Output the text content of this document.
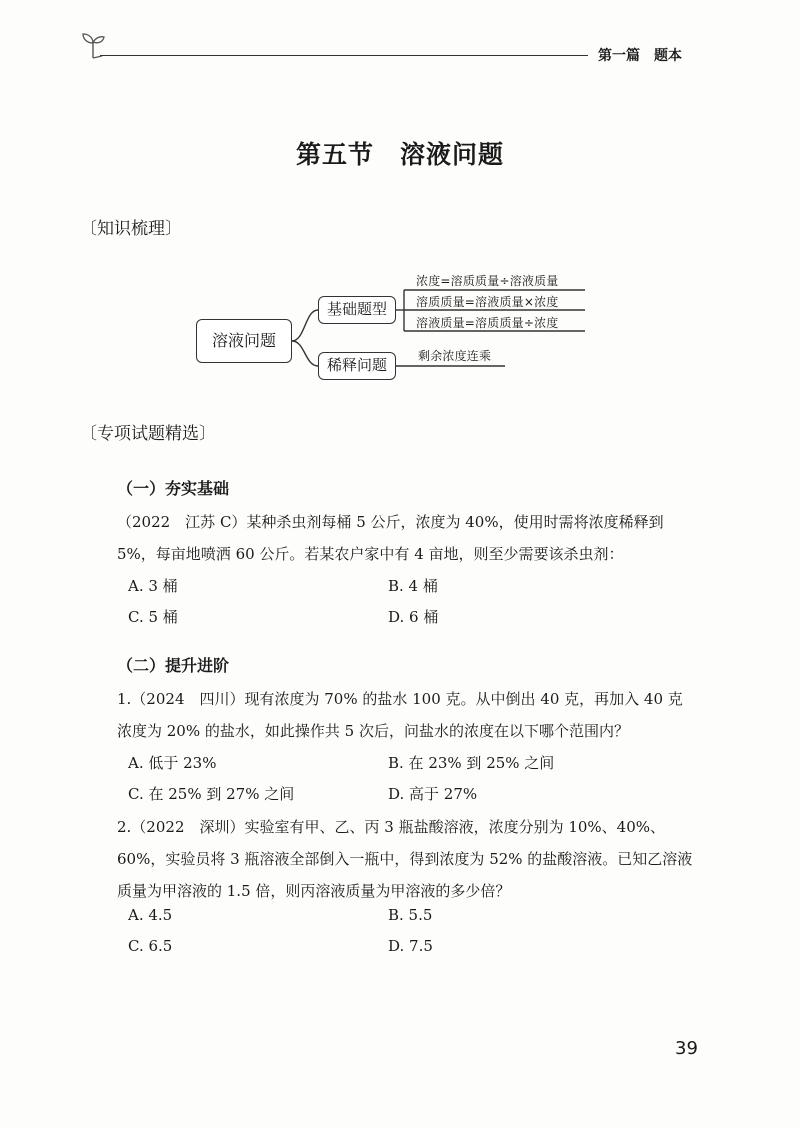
第一篇　题本
第五节　溶液问题
〔知识梳理〕
溶液问题
基础题型
稀释问题
浓度=溶质质量÷溶液质量
溶质质量=溶液质量×浓度
溶液质量=溶质质量÷浓度
剩余浓度连乘
〔专项试题精选〕
（一）夯实基础
（2022　江苏 C）某种杀虫剂每桶 5 公斤，浓度为 40%，使用时需将浓度稀释到 5%，每亩地喷洒 60 公斤。若某农户家中有 4 亩地，则至少需要该杀虫剂：
A. 3 桶	B. 4 桶
C. 5 桶	D. 6 桶
（二）提升进阶
1.（2024　四川）现有浓度为 70% 的盐水 100 克。从中倒出 40 克，再加入 40 克浓度为 20% 的盐水，如此操作共 5 次后，问盐水的浓度在以下哪个范围内？
A. 低于 23%	B. 在 23% 到 25% 之间
C. 在 25% 到 27% 之间	D. 高于 27%
2.（2022　深圳）实验室有甲、乙、丙 3 瓶盐酸溶液，浓度分别为 10%、40%、60%，实验员将 3 瓶溶液全部倒入一瓶中，得到浓度为 52% 的盐酸溶液。已知乙溶液质量为甲溶液的 1.5 倍，则丙溶液质量为甲溶液的多少倍？
A. 4.5	B. 5.5
C. 6.5	D. 7.5
39
